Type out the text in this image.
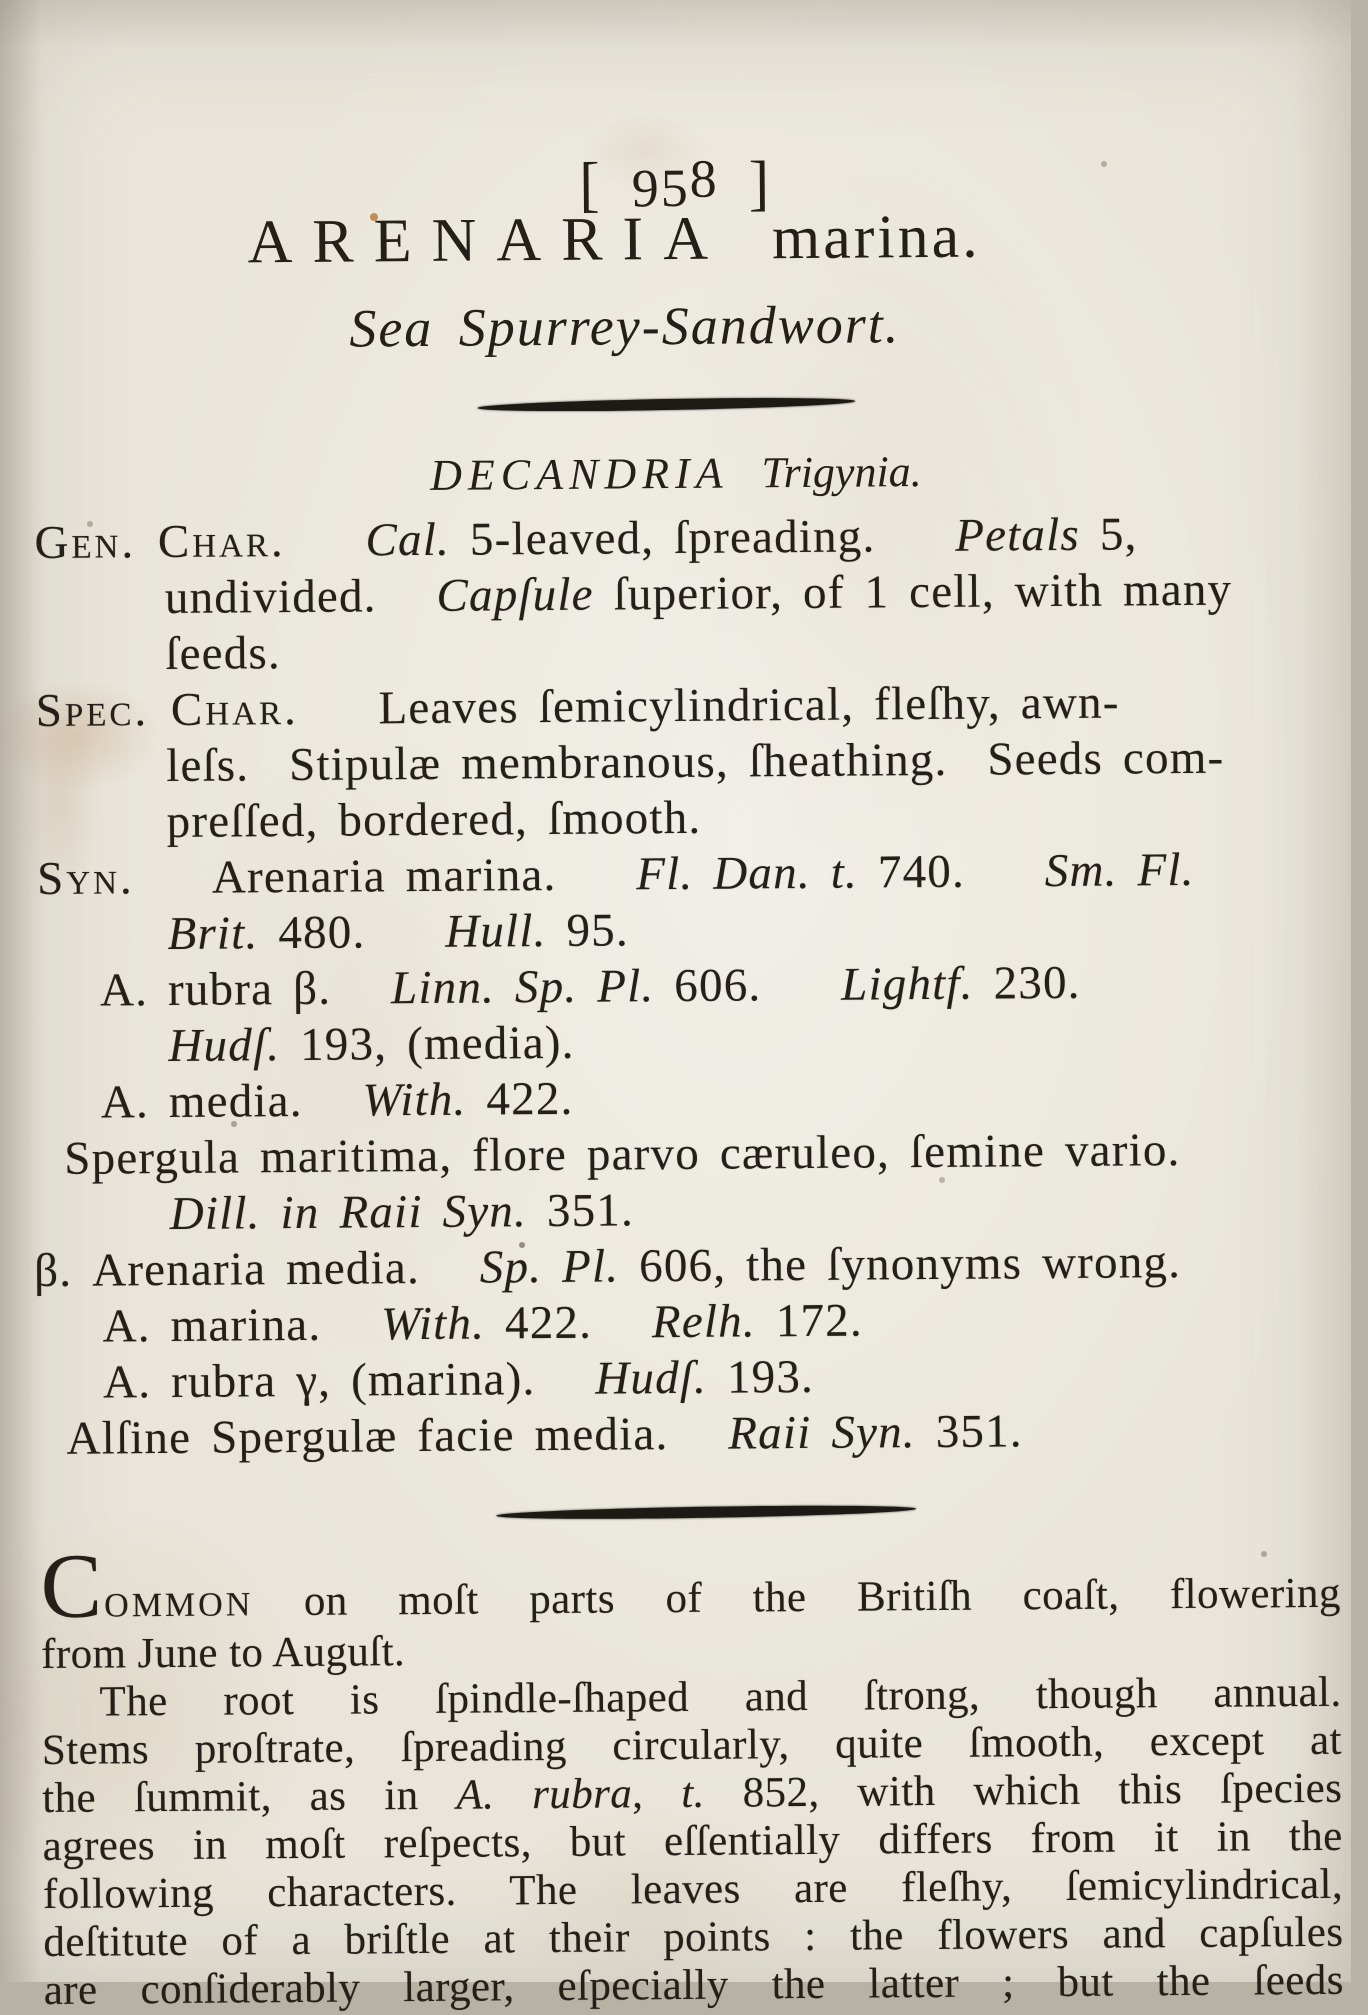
[ 958 ]

ARENARIA marina.
Sea Spurrey-Sandwort.
DECANDRIA Trigynia.
Gen. Char. Cal. 5-leaved, ſpreading.    Petals 5,
undivided.   Capſule ſuperior, of 1 cell, with many
ſeeds.
Spec. Char.    Leaves ſemicylindrical, fleſhy, awn-
leſs.  Stipulæ membranous, ſheathing.  Seeds com-
preſſed, bordered, ſmooth.
Syn.    Arenaria marina.    Fl. Dan. t. 740.    Sm. Fl.
Brit. 480.    Hull. 95.
A. rubra β.   Linn. Sp. Pl. 606.    Lightf. 230.
Hudſ. 193, (media).
A. media.   With. 422.
Spergula maritima, flore parvo cæruleo, ſemine vario.
Dill. in Raii Syn. 351.
β. Arenaria media.   Sp. Pl. 606, the ſynonyms wrong.
A. marina.   With. 422.   Relh. 172.
A. rubra γ, (marina).   Hudſ. 193.
Alſine Spergulæ facie media.   Raii Syn. 351.
COMMON on moſt parts of the Britiſh coaſt, flowering
from June to Auguſt.
The root is ſpindle-ſhaped and ſtrong, though annual.
Stems proſtrate, ſpreading circularly, quite ſmooth, except at
the ſummit, as in A. rubra, t. 852, with which this ſpecies
agrees in moſt reſpects, but eſſentially differs from it in the
following characters. The leaves are fleſhy, ſemicylindrical,
deſtitute of a briſtle at their points : the flowers and capſules
are conſiderably larger, eſpecially the latter ; but the ſeeds
